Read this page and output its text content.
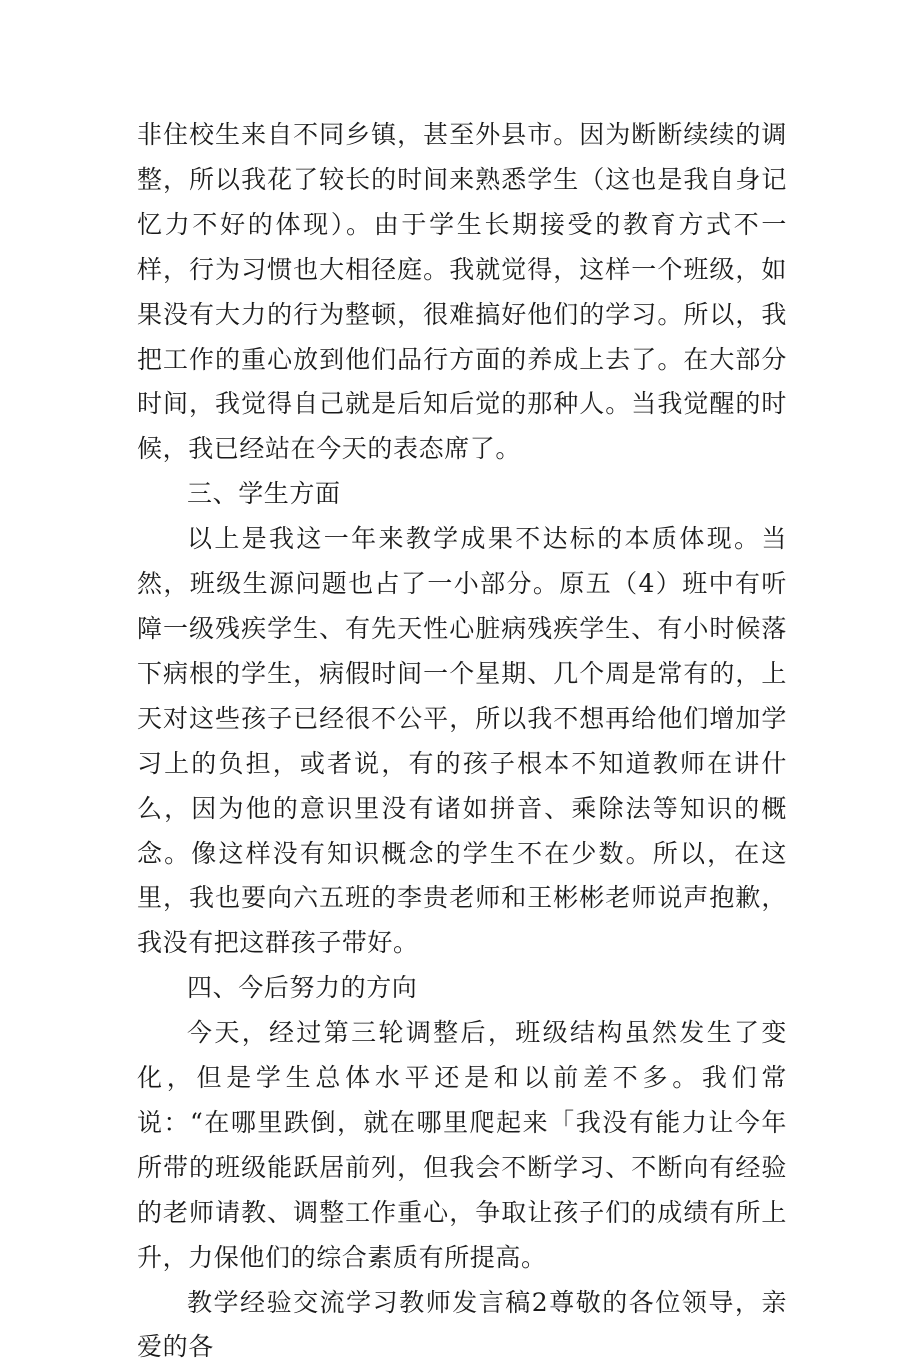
非住校生来自不同乡镇，甚至外县市。因为断断续续的调整，所以我花了较长的时间来熟悉学生（这也是我自身记忆力不好的体现）。由于学生长期接受的教育方式不一样，行为习惯也大相径庭。我就觉得，这样一个班级，如果没有大力的行为整顿，很难搞好他们的学习。所以，我把工作的重心放到他们品行方面的养成上去了。在大部分时间，我觉得自己就是后知后觉的那种人。当我觉醒的时候，我已经站在今天的表态席了。

三、学生方面

以上是我这一年来教学成果不达标的本质体现。当然，班级生源问题也占了一小部分。原五（4）班中有听障一级残疾学生、有先天性心脏病残疾学生、有小时候落下病根的学生，病假时间一个星期、几个周是常有的，上天对这些孩子已经很不公平，所以我不想再给他们增加学习上的负担，或者说，有的孩子根本不知道教师在讲什么，因为他的意识里没有诸如拼音、乘除法等知识的概念。像这样没有知识概念的学生不在少数。所以，在这里，我也要向六五班的李贵老师和王彬彬老师说声抱歉，我没有把这群孩子带好。

四、今后努力的方向

今天，经过第三轮调整后，班级结构虽然发生了变化，但是学生总体水平还是和以前差不多。我们常说：“在哪里跌倒，就在哪里爬起来「我没有能力让今年所带的班级能跃居前列，但我会不断学习、不断向有经验的老师请教、调整工作重心，争取让孩子们的成绩有所上升，力保他们的综合素质有所提高。

教学经验交流学习教师发言稿2尊敬的各位领导，亲爱的各
